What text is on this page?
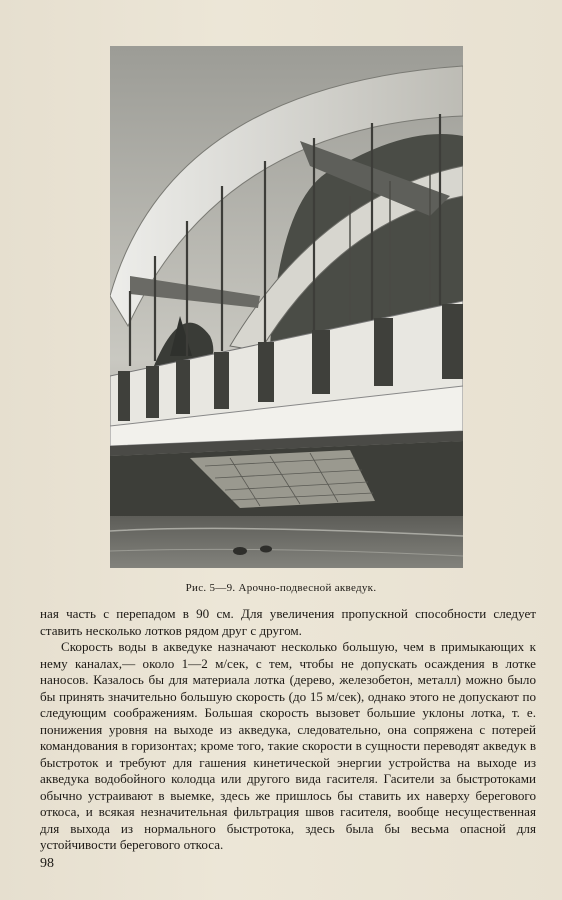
Рис. 5—9. Арочно-подвесной акведук.

ная часть с перепадом в 90 см. Для увеличения пропускной способности следует ставить несколько лотков рядом друг с другом.

Скорость воды в акведуке назначают несколько большую, чем в примыкающих к нему каналах,— около 1—2 м/сек, с тем, чтобы не допускать осаждения в лотке наносов. Казалось бы для материала лотка (дерево, железобетон, металл) можно было бы принять значительно большую скорость (до 15 м/сек), однако этого не допускают по следующим соображениям. Большая скорость вызовет большие уклоны лотка, т. е. понижения уровня на выходе из акведука, следовательно, она сопряжена с потерей командования в горизонтах; кроме того, такие скорости в сущности переводят акведук в быстроток и требуют для гашения кинетической энергии устройства на выходе из акведука водобойного колодца или другого вида гасителя. Гасители за быстротоками обычно устраивают в выемке, здесь же пришлось бы ставить их наверху берегового откоса, и всякая незначительная фильтрация швов гасителя, вообще несущественная для выхода из нормального быстротока, здесь была бы весьма опасной для устойчивости берегового откоса.

98
